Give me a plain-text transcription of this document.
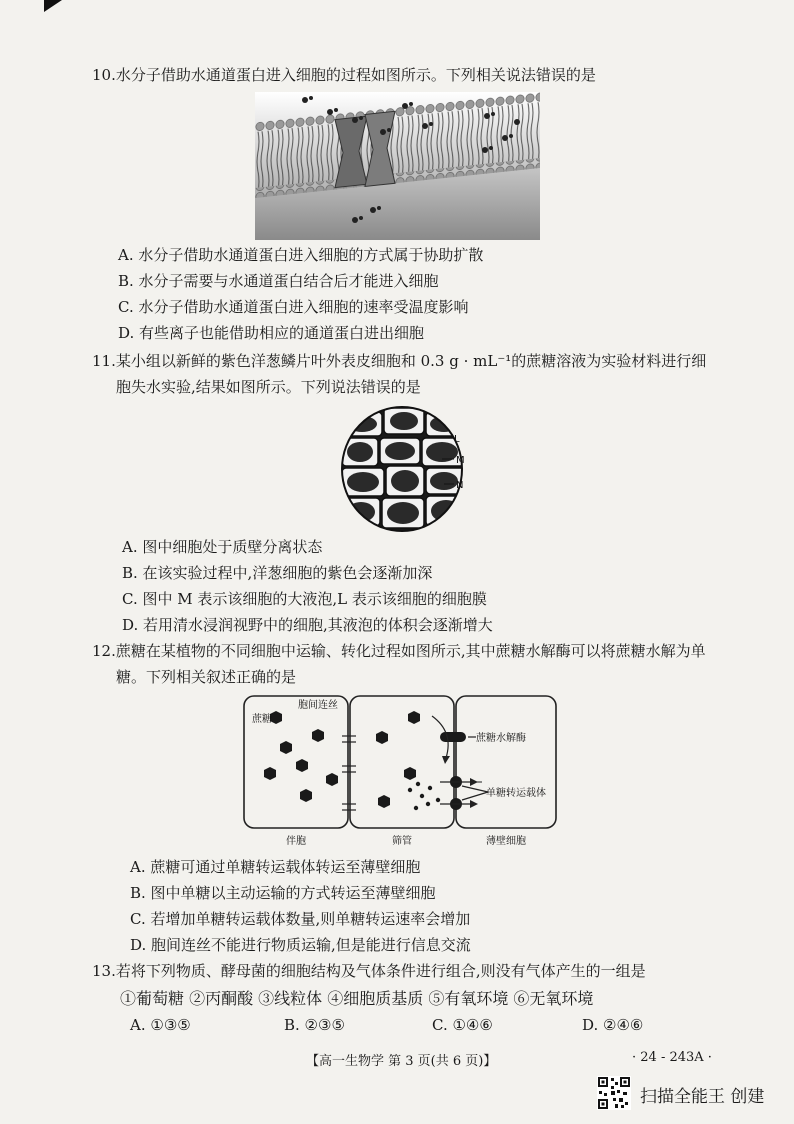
10.水分子借助水通道蛋白进入细胞的过程如图所示。下列相关说法错误的是
A. 水分子借助水通道蛋白进入细胞的方式属于协助扩散
B. 水分子需要与水通道蛋白结合后才能进入细胞
C. 水分子借助水通道蛋白进入细胞的速率受温度影响
D. 有些离子也能借助相应的通道蛋白进出细胞
11.某小组以新鲜的紫色洋葱鳞片叶外表皮细胞和 0.3 g · mL⁻¹的蔗糖溶液为实验材料进行细
胞失水实验,结果如图所示。下列说法错误的是
L
M
N
A. 图中细胞处于质壁分离状态
B. 在该实验过程中,洋葱细胞的紫色会逐渐加深
C. 图中 M 表示该细胞的大液泡,L 表示该细胞的细胞膜
D. 若用清水浸润视野中的细胞,其液泡的体积会逐渐增大
12.蔗糖在某植物的不同细胞中运输、转化过程如图所示,其中蔗糖水解酶可以将蔗糖水解为单
糖。下列相关叙述正确的是
蔗糖
胞间连丝
蔗糖水解酶
单糖转运载体
伴胞	筛管	薄壁细胞
A. 蔗糖可通过单糖转运载体转运至薄壁细胞
B. 图中单糖以主动运输的方式转运至薄壁细胞
C. 若增加单糖转运载体数量,则单糖转运速率会增加
D. 胞间连丝不能进行物质运输,但是能进行信息交流
13.若将下列物质、酵母菌的细胞结构及气体条件进行组合,则没有气体产生的一组是
①葡萄糖 ②丙酮酸 ③线粒体 ④细胞质基质 ⑤有氧环境 ⑥无氧环境
A. ①③⑤	B. ②③⑤	C. ①④⑥	D. ②④⑥
【高一生物学 第 3 页(共 6 页)】	· 24 - 243A ·
扫描全能王 创建
